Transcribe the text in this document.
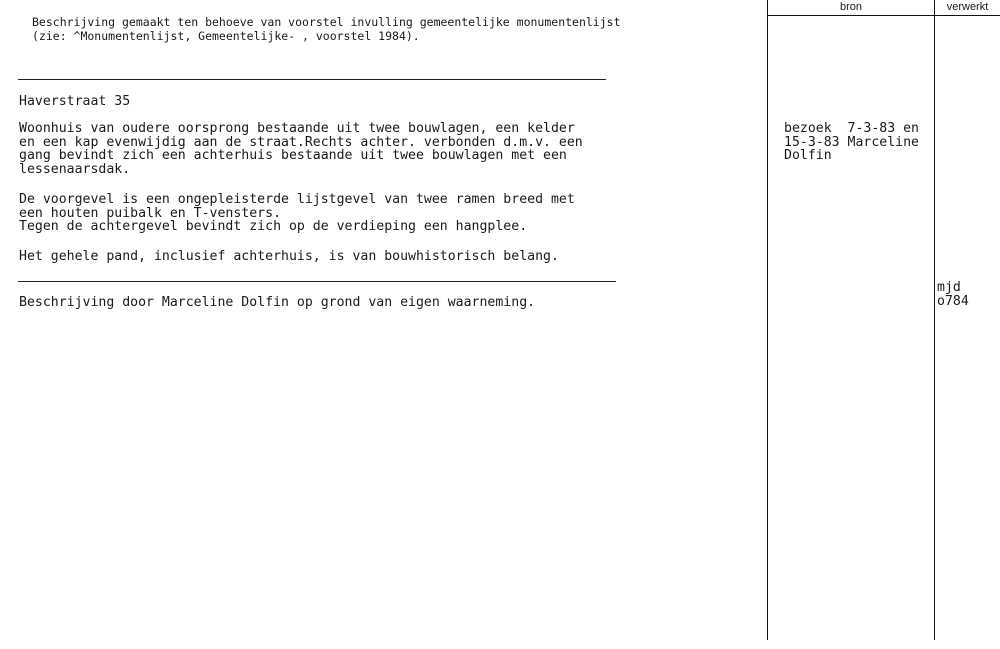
Beschrijving gemaakt ten behoeve van voorstel invulling gemeentelijke monumentenlijst
(zie: ^Monumentenlijst, Gemeentelijke- , voorstel 1984).
bron	verwerkt
Haverstraat 35
Woonhuis van oudere oorsprong bestaande uit twee bouwlagen, een kelder
en een kap evenwijdig aan de straat.Rechts achter. verbonden d.m.v. een
gang bevindt zich een achterhuis bestaande uit twee bouwlagen met een
lessenaarsdak.
De voorgevel is een ongepleisterde lijstgevel van twee ramen breed met
een houten puibalk en T-vensters.
Tegen de achtergevel bevindt zich op de verdieping een hangplee.
Het gehele pand, inclusief achterhuis, is van bouwhistorisch belang.
Beschrijving door Marceline Dolfin op grond van eigen waarneming.
bezoek  7-3-83 en
15-3-83 Marceline
Dolfin
mjd
o784
